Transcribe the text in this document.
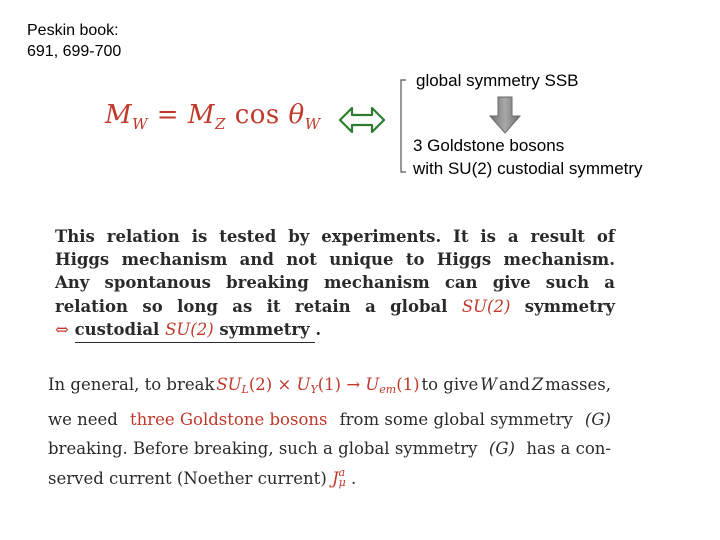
Peskin book:
691, 699-700
$M_W = M_Z$ $\cos \theta_W$
global symmetry SSB
3 Goldstone bosons
with SU(2) custodial symmetry
This relation is tested by experiments. It is a result of
Higgs mechanism and not unique to Higgs mechanism.
Any spontanous breaking mechanism can give such a
relation so long as it retain a global SU(2) symmetry
⇔ custodial SU(2) symmetry .
In general, to break $SU_L(2) \times U_Y(1) \to U_{em}(1)$ to give W and Z masses,
we need three Goldstone bosons from some global symmetry (G)
breaking. Before breaking, such a global symmetry (G) has a con-
served current (Noether current)
J a
μ
.
